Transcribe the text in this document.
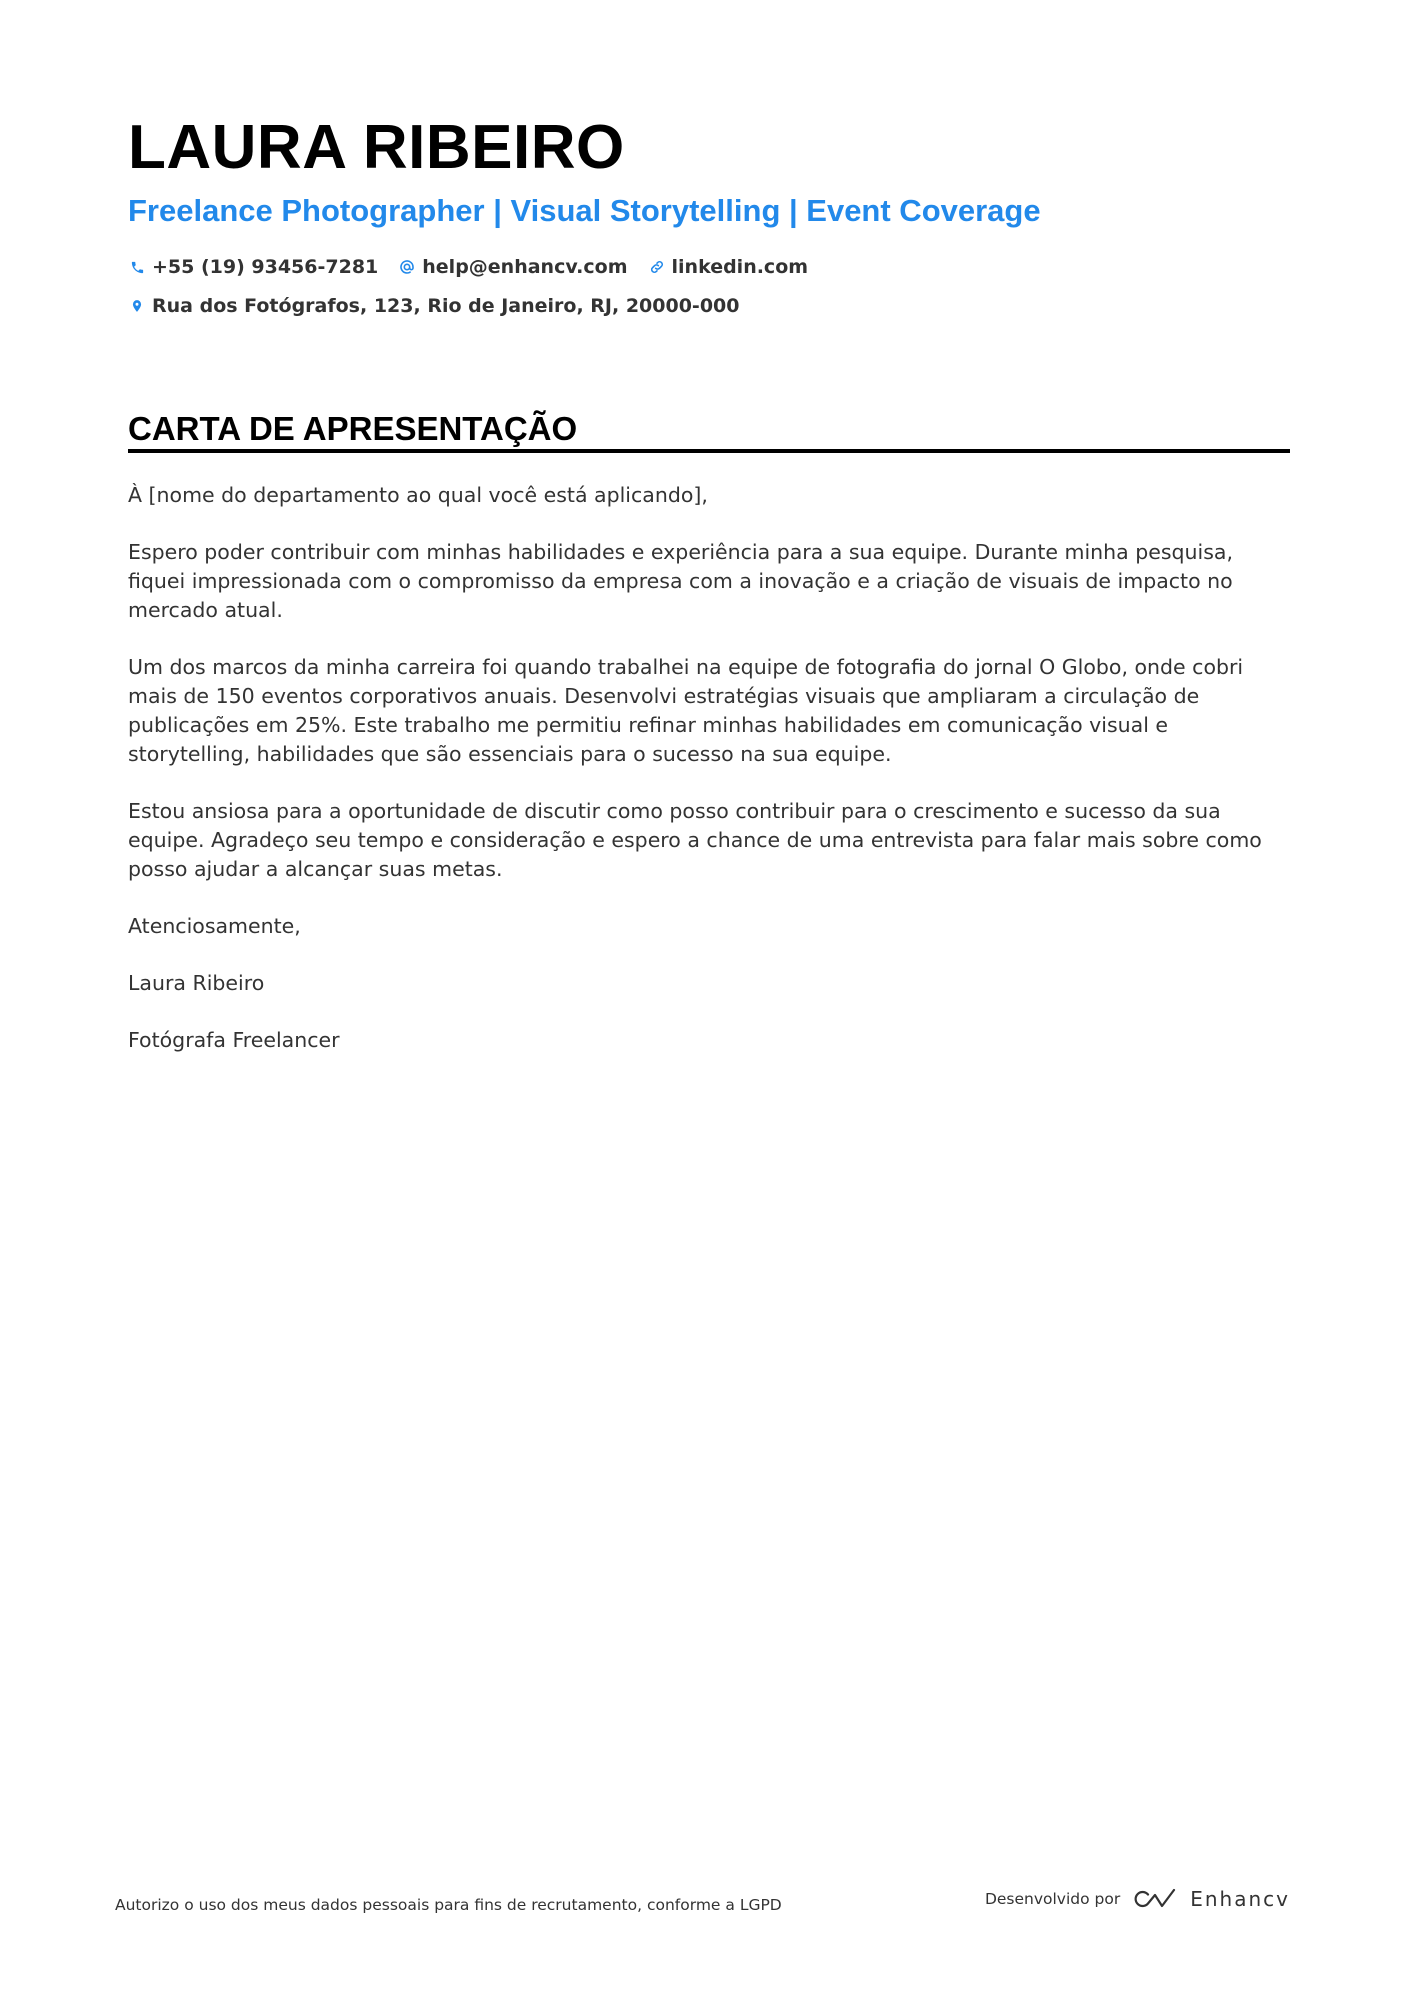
LAURA RIBEIRO
Freelance Photographer | Visual Storytelling | Event Coverage
+55 (19) 93456-7281 help@enhancv.com linkedin.com
Rua dos Fotógrafos, 123, Rio de Janeiro, RJ, 20000-000
CARTA DE APRESENTAÇÃO

À [nome do departamento ao qual você está aplicando],

Espero poder contribuir com minhas habilidades e experiência para a sua equipe. Durante minha pesquisa, fiquei impressionada com o compromisso da empresa com a inovação e a criação de visuais de impacto no mercado atual.

Um dos marcos da minha carreira foi quando trabalhei na equipe de fotografia do jornal O Globo, onde cobri mais de 150 eventos corporativos anuais. Desenvolvi estratégias visuais que ampliaram a circulação de publicações em 25%. Este trabalho me permitiu refinar minhas habilidades em comunicação visual e storytelling, habilidades que são essenciais para o sucesso na sua equipe.

Estou ansiosa para a oportunidade de discutir como posso contribuir para o crescimento e sucesso da sua equipe. Agradeço seu tempo e consideração e espero a chance de uma entrevista para falar mais sobre como posso ajudar a alcançar suas metas.

Atenciosamente,

Laura Ribeiro

Fotógrafa Freelancer

Autorizo o uso dos meus dados pessoais para fins de recrutamento, conforme a LGPD	Desenvolvido por	Enhancv
